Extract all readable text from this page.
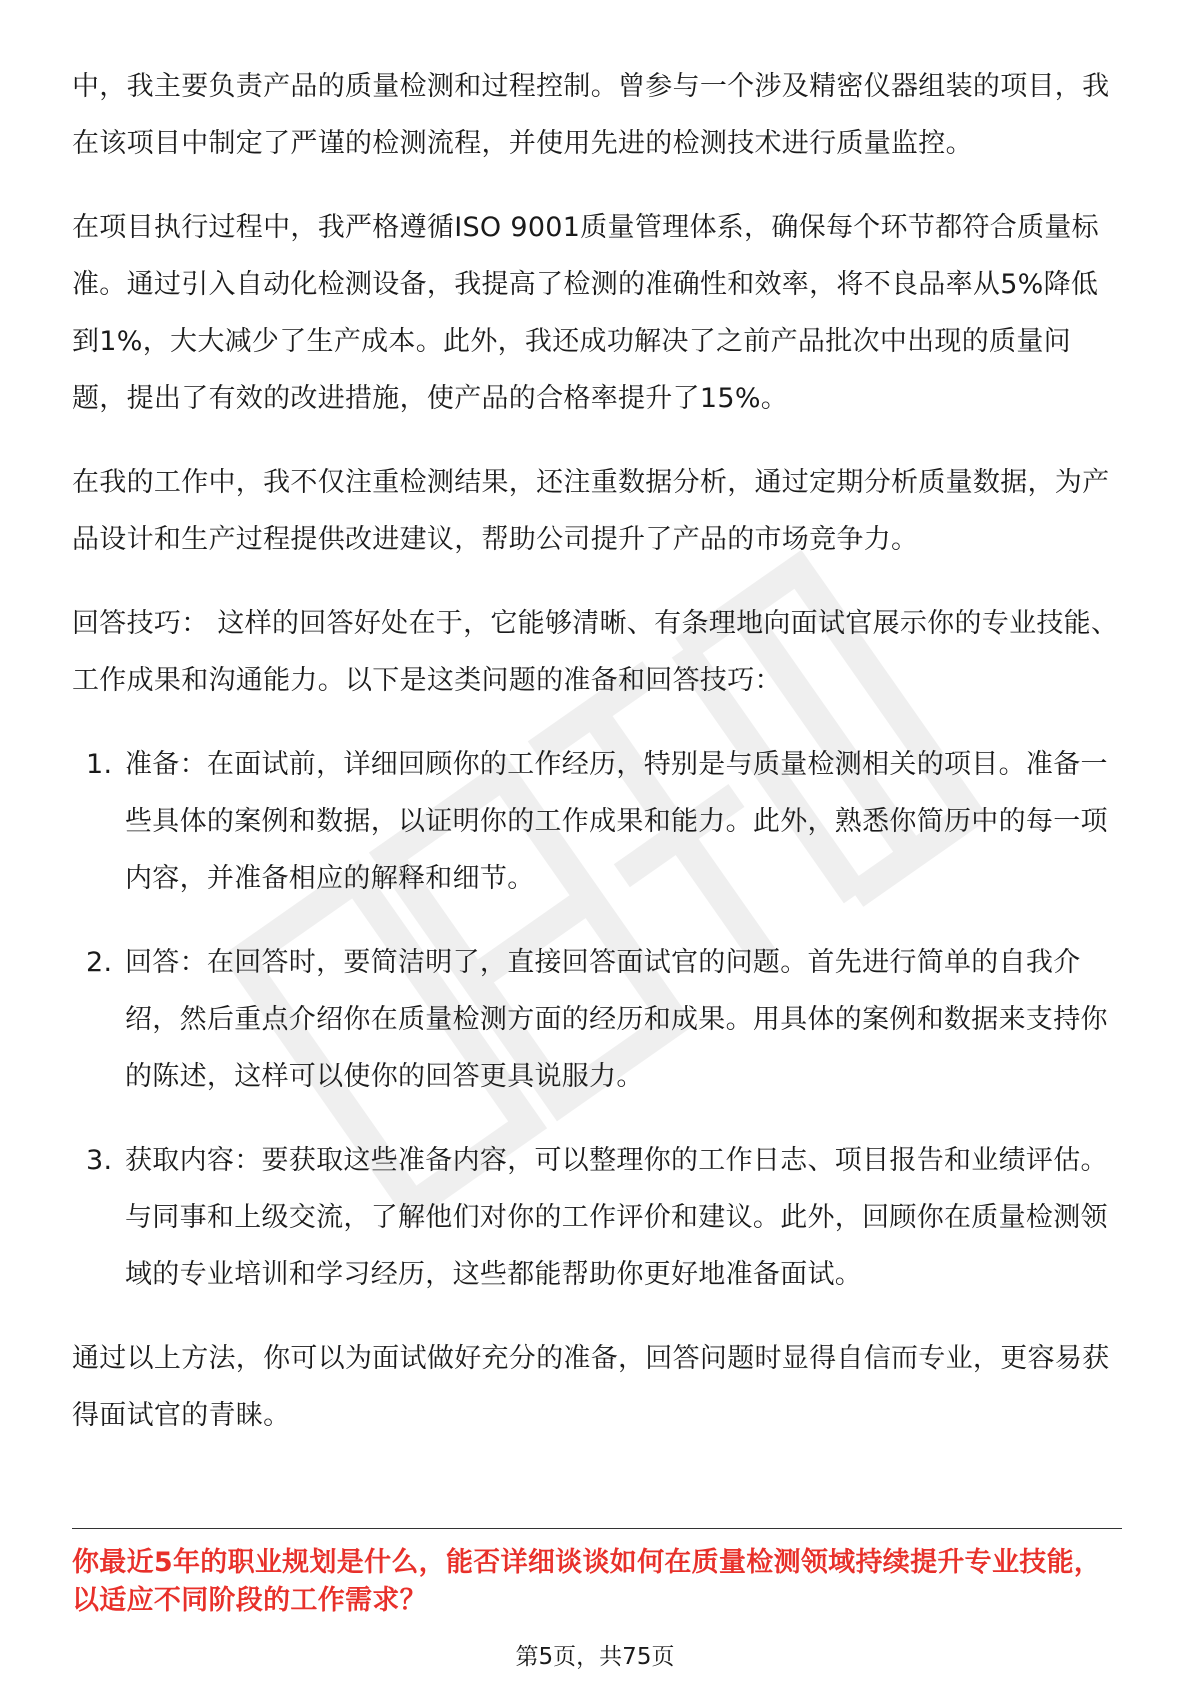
中，我主要负责产品的质量检测和过程控制。曾参与一个涉及精密仪器组装的项目，我在该项目中制定了严谨的检测流程，并使用先进的检测技术进行质量监控。

在项目执行过程中，我严格遵循ISO 9001质量管理体系，确保每个环节都符合质量标准。通过引入自动化检测设备，我提高了检测的准确性和效率，将不良品率从5%降低到1%，大大减少了生产成本。此外，我还成功解决了之前产品批次中出现的质量问题，提出了有效的改进措施，使产品的合格率提升了15%。

在我的工作中，我不仅注重检测结果，还注重数据分析，通过定期分析质量数据，为产品设计和生产过程提供改进建议，帮助公司提升了产品的市场竞争力。

回答技巧： 这样的回答好处在于，它能够清晰、有条理地向面试官展示你的专业技能、工作成果和沟通能力。以下是这类问题的准备和回答技巧：

1. 准备：在面试前，详细回顾你的工作经历，特别是与质量检测相关的项目。准备一些具体的案例和数据，以证明你的工作成果和能力。此外，熟悉你简历中的每一项内容，并准备相应的解释和细节。
2. 回答：在回答时，要简洁明了，直接回答面试官的问题。首先进行简单的自我介绍，然后重点介绍你在质量检测方面的经历和成果。用具体的案例和数据来支持你的陈述，这样可以使你的回答更具说服力。
3. 获取内容：要获取这些准备内容，可以整理你的工作日志、项目报告和业绩评估。与同事和上级交流，了解他们对你的工作评价和建议。此外，回顾你在质量检测领域的专业培训和学习经历，这些都能帮助你更好地准备面试。

通过以上方法，你可以为面试做好充分的准备，回答问题时显得自信而专业，更容易获得面试官的青睐。

你最近5年的职业规划是什么，能否详细谈谈如何在质量检测领域持续提升专业技能，以适应不同阶段的工作需求？
第5页，共75页
